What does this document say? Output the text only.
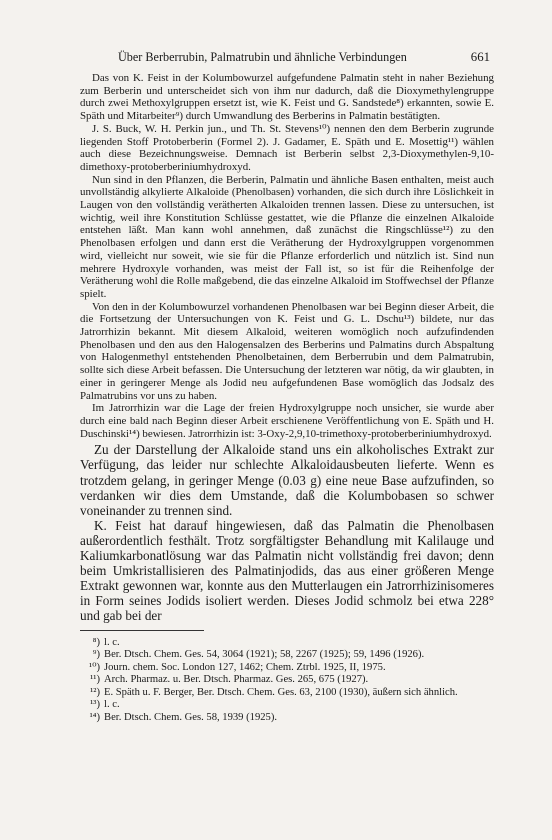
Über Berberrubin, Palmatrubin und ähnliche Verbindungen	661

Das von K. Feist in der Kolumbowurzel aufgefundene Palmatin steht in naher Beziehung zum Berberin und unterscheidet sich von ihm nur dadurch, daß die Dioxymethylengruppe durch zwei Methoxylgruppen ersetzt ist, wie K. Feist und G. Sandstede⁸) erkannten, sowie E. Späth und Mitarbeiter⁹) durch Umwandlung des Berberins in Palmatin bestätigten.

J. S. Buck, W. H. Perkin jun., und Th. St. Stevens¹⁰) nennen den dem Berberin zugrunde liegenden Stoff Protoberberin (Formel 2). J. Gadamer, E. Späth und E. Mosettig¹¹) wählen auch diese Bezeichnungsweise. Demnach ist Berberin selbst 2,3-Dioxymethylen-9,10-dimethoxy-protoberberiniumhydroxyd.

Nun sind in den Pflanzen, die Berberin, Palmatin und ähnliche Basen enthalten, meist auch unvollständig alkylierte Alkaloide (Phenolbasen) vorhanden, die sich durch ihre Löslichkeit in Laugen von den vollständig verätherten Alkaloiden trennen lassen. Diese zu untersuchen, ist wichtig, weil ihre Konstitution Schlüsse gestattet, wie die Pflanze die einzelnen Alkaloide entstehen läßt. Man kann wohl annehmen, daß zunächst die Ringschlüsse¹²) zu den Phenolbasen erfolgen und dann erst die Verätherung der Hydroxylgruppen vorgenommen wird, vielleicht nur soweit, wie sie für die Pflanze erforderlich und nützlich ist. Sind nun mehrere Hydroxyle vorhanden, was meist der Fall ist, so ist für die Reihenfolge der Verätherung wohl die Rolle maßgebend, die das einzelne Alkaloid im Stoffwechsel der Pflanze spielt.

Von den in der Kolumbowurzel vorhandenen Phenolbasen war bei Beginn dieser Arbeit, die die Fortsetzung der Untersuchungen von K. Feist und G. L. Dschu¹³) bildete, nur das Jatrorrhizin bekannt. Mit diesem Alkaloid, weiteren womöglich noch aufzufindenden Phenolbasen und den aus den Halogensalzen des Berberins und Palmatins durch Abspaltung von Halogenmethyl entstehenden Phenolbetainen, dem Berberrubin und dem Palmatrubin, sollte sich diese Arbeit befassen. Die Untersuchung der letzteren war nötig, da wir glaubten, in einer in geringerer Menge als Jodid neu aufgefundenen Base womöglich das Jodsalz des Palmatrubins vor uns zu haben.

Im Jatrorrhizin war die Lage der freien Hydroxylgruppe noch unsicher, sie wurde aber durch eine bald nach Beginn dieser Arbeit erschienene Veröffentlichung von E. Späth und H. Duschinski¹⁴) bewiesen. Jatrorrhizin ist: 3-Oxy-2,9,10-trimethoxy-protoberberiniumhydroxyd.

Zu der Darstellung der Alkaloide stand uns ein alkoholisches Extrakt zur Verfügung, das leider nur schlechte Alkaloidausbeuten lieferte. Wenn es trotzdem gelang, in geringer Menge (0.03 g) eine neue Base aufzufinden, so verdanken wir dies dem Umstande, daß die Kolumbobasen so schwer voneinander zu trennen sind.

K. Feist hat darauf hingewiesen, daß das Palmatin die Phenolbasen außerordentlich festhält. Trotz sorgfältigster Behandlung mit Kalilauge und Kaliumkarbonatlösung war das Palmatin nicht vollständig frei davon; denn beim Umkristallisieren des Palmatinjodids, das aus einer größeren Menge Extrakt gewonnen war, konnte aus den Mutterlaugen ein Jatrorrhizinisomeres in Form seines Jodids isoliert werden. Dieses Jodid schmolz bei etwa 228° und gab bei der

⁸) l. c.
⁹) Ber. Dtsch. Chem. Ges. 54, 3064 (1921); 58, 2267 (1925); 59, 1496 (1926).
¹⁰) Journ. chem. Soc. London 127, 1462; Chem. Ztrbl. 1925, II, 1975.
¹¹) Arch. Pharmaz. u. Ber. Dtsch. Pharmaz. Ges. 265, 675 (1927).
¹²) E. Späth u. F. Berger, Ber. Dtsch. Chem. Ges. 63, 2100 (1930), äußern sich ähnlich.
¹³) l. c.
¹⁴) Ber. Dtsch. Chem. Ges. 58, 1939 (1925).
